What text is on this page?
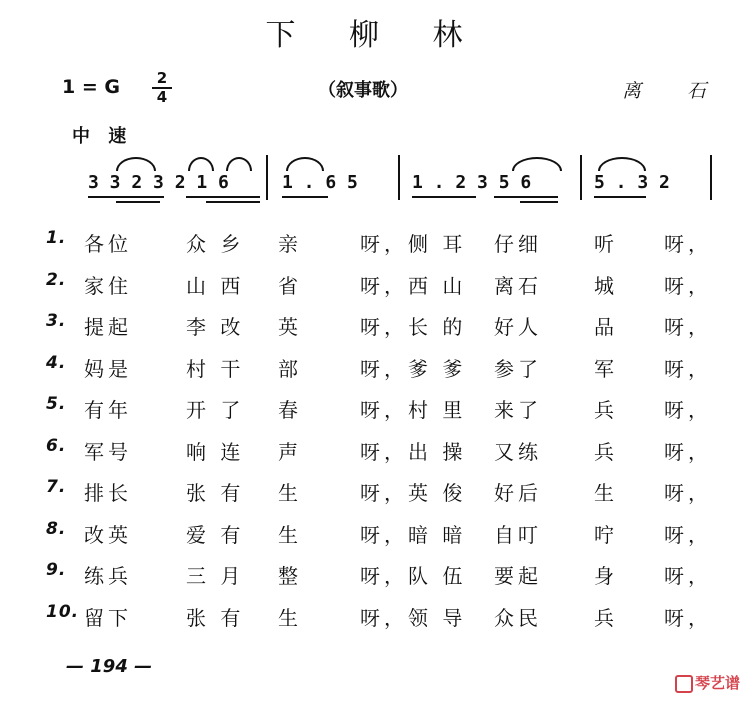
下 柳 林
1 = G	2
4	（叙事歌）	离 石
中 速
3 3 2 3 2 1 6	1 . 6 5	1 . 2 3 5 6	5 . 3 2
1. 各位	众 乡 亲	呀，侧 耳 仔细	听 呀，
2. 家住	山 西 省	呀，西 山 离石	城 呀，
3. 提起	李 改 英	呀，长 的 好人	品 呀，
4. 妈是	村 干 部	呀，爹 爹 参了	军 呀，
5. 有年	开 了 春	呀，村 里 来了	兵 呀，
6. 军号	响 连 声	呀，出 操 又练	兵 呀，
7. 排长	张 有 生	呀，英 俊 好后	生 呀，
8. 改英	爱 有 生	呀，暗 暗 自叮	咛 呀，
9. 练兵	三 月 整	呀，队 伍 要起	身 呀，
10. 留下	张 有 生	呀，领 导 众民	兵 呀，
— 194 —
琴艺谱
